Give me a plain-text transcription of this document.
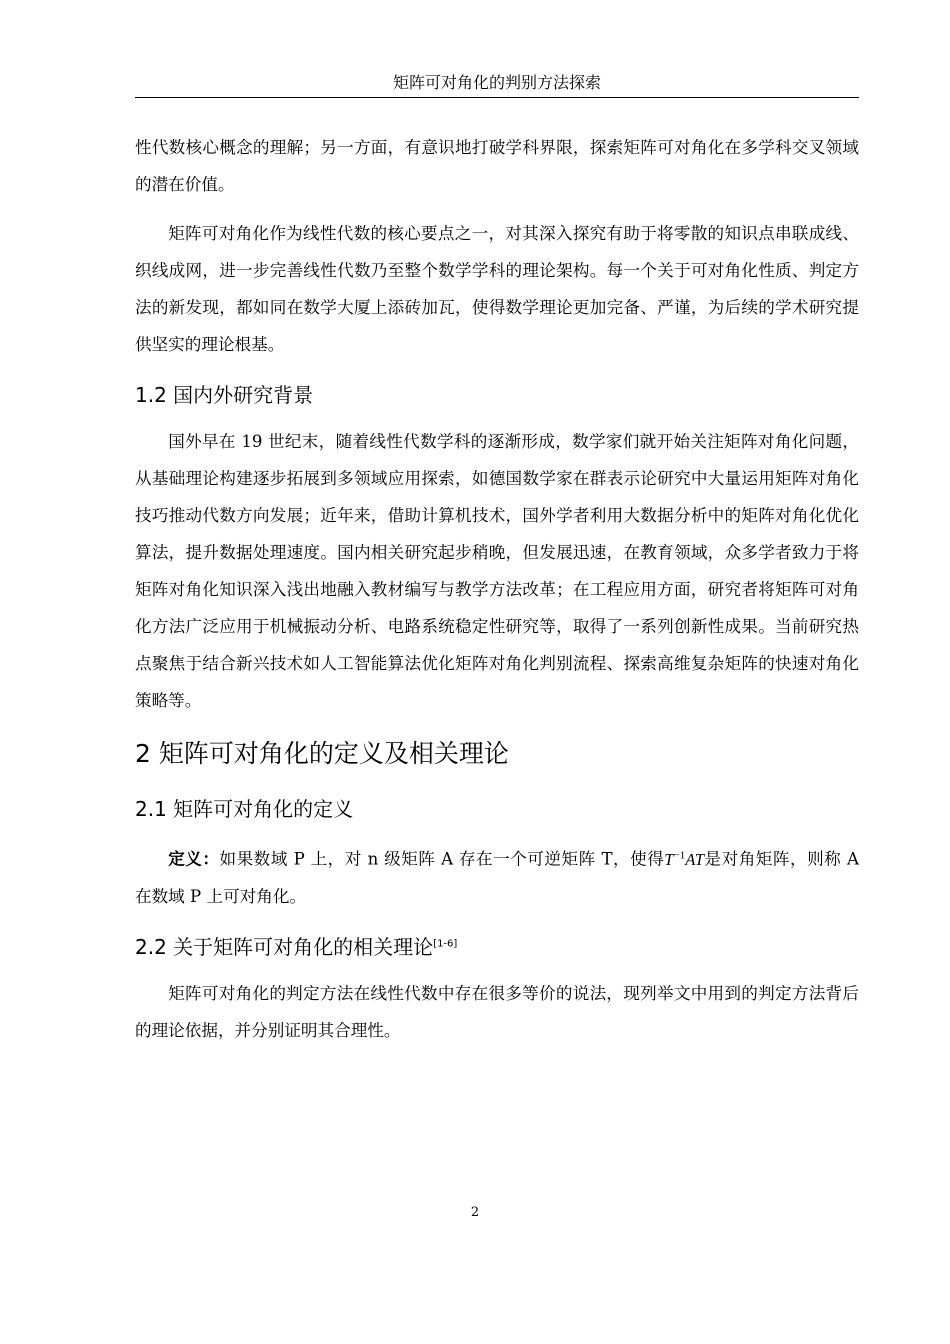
矩阵可对角化的判别方法探索

性代数核心概念的理解；另一方面，有意识地打破学科界限，探索矩阵可对角化在多学科交叉领域的潜在价值。

矩阵可对角化作为线性代数的核心要点之一，对其深入探究有助于将零散的知识点串联成线、织线成网，进一步完善线性代数乃至整个数学学科的理论架构。每一个关于可对角化性质、判定方法的新发现，都如同在数学大厦上添砖加瓦，使得数学理论更加完备、严谨，为后续的学术研究提供坚实的理论根基。

1.2 国内外研究背景

国外早在 19 世纪末，随着线性代数学科的逐渐形成，数学家们就开始关注矩阵对角化问题，从基础理论构建逐步拓展到多领域应用探索，如德国数学家在群表示论研究中大量运用矩阵对角化技巧推动代数方向发展；近年来，借助计算机技术，国外学者利用大数据分析中的矩阵对角化优化算法，提升数据处理速度。国内相关研究起步稍晚，但发展迅速，在教育领域，众多学者致力于将矩阵对角化知识深入浅出地融入教材编写与教学方法改革；在工程应用方面，研究者将矩阵可对角化方法广泛应用于机械振动分析、电路系统稳定性研究等，取得了一系列创新性成果。当前研究热点聚焦于结合新兴技术如人工智能算法优化矩阵对角化判别流程、探索高维复杂矩阵的快速对角化策略等。

2 矩阵可对角化的定义及相关理论
2.1 矩阵可对角化的定义

定义：如果数域 P 上，对 n 级矩阵 A 存在一个可逆矩阵 T，使得$T^{-1}AT$是对角矩阵，则称 A 在数域 P 上可对角化。

2.2 关于矩阵可对角化的相关理论[1-6]

矩阵可对角化的判定方法在线性代数中存在很多等价的说法，现列举文中用到的判定方法背后的理论依据，并分别证明其合理性。

2
